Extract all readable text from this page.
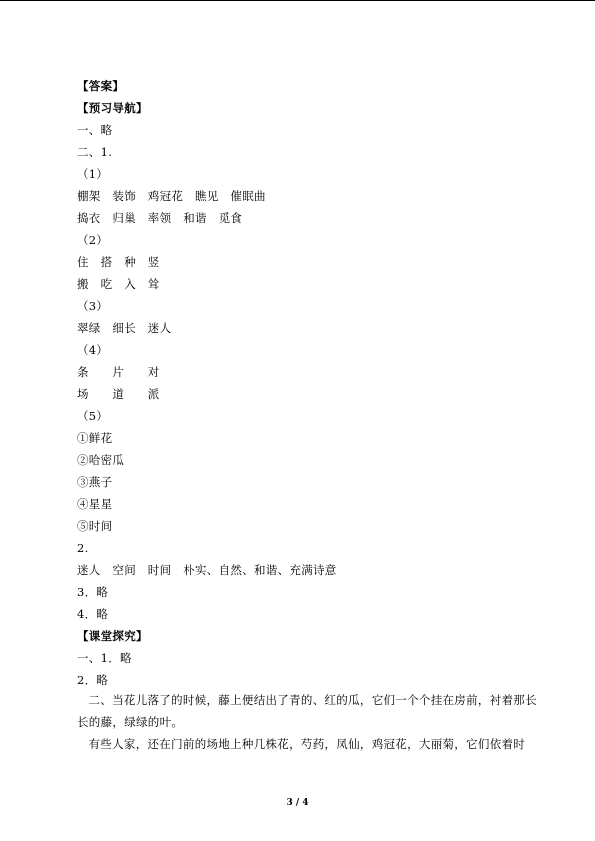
【答案】
【预习导航】
一、略
二、1.
（1）
棚架　装饰　鸡冠花　瞧见　催眠曲
捣衣　归巢　率领　和谐　觅食
（2）
住　搭　种　竖
搬　吃　入　耸
（3）
翠绿　细长　迷人
（4）
条　　片　　对
场　　道　　派
（5）
①鲜花
②哈密瓜
③燕子
④星星
⑤时间
2.
迷人　空间　时间　朴实、自然、和谐、充满诗意
3．略
4．略
【课堂探究】
一、1．略
2．略
二、当花儿落了的时候，藤上便结出了青的、红的瓜，它们一个个挂在房前，衬着那长长的藤，绿绿的叶。
有些人家，还在门前的场地上种几株花，芍药，凤仙，鸡冠花，大丽菊，它们依着时
3 / 4
